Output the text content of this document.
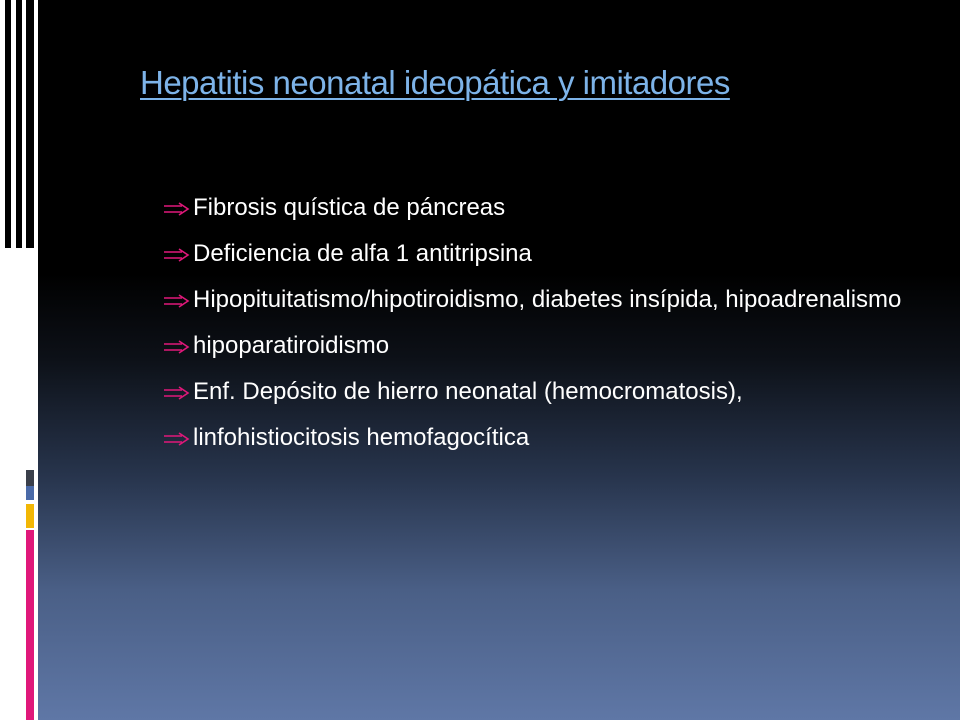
Hepatitis neonatal ideopática y imitadores
Fibrosis quística de páncreas
Deficiencia de alfa 1 antitripsina
Hipopituitatismo/hipotiroidismo, diabetes insípida, hipoadrenalismo
hipoparatiroidismo
Enf. Depósito de hierro neonatal (hemocromatosis),
linfohistiocitosis hemofagocítica
